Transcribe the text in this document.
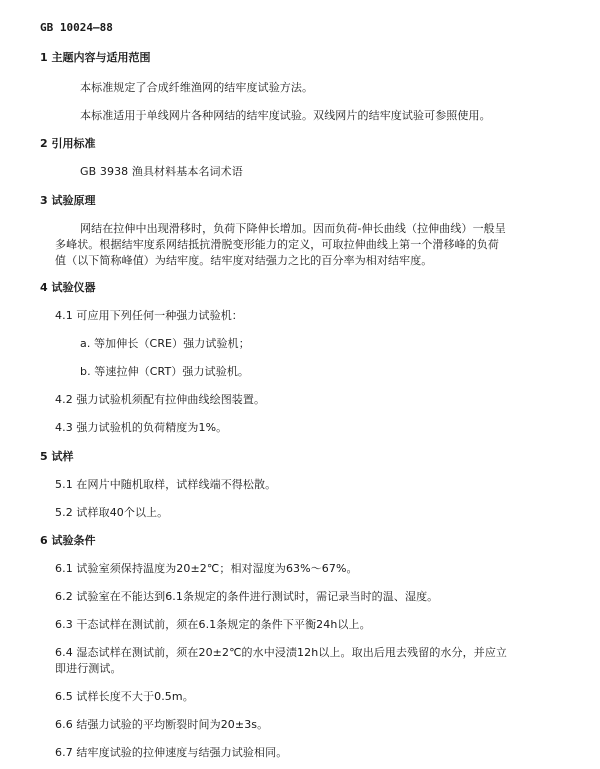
GB 10024—88
1 主题内容与适用范围
本标准规定了合成纤维渔网的结牢度试验方法。
本标准适用于单线网片各种网结的结牢度试验。双线网片的结牢度试验可参照使用。
2 引用标准
GB 3938 渔具材料基本名词术语
3 试验原理
网结在拉伸中出现滑移时，负荷下降伸长增加。因而负荷-伸长曲线（拉伸曲线）一般呈
多峰状。根据结牢度系网结抵抗滑脱变形能力的定义，可取拉伸曲线上第一个滑移峰的负荷
值（以下简称峰值）为结牢度。结牢度对结强力之比的百分率为相对结牢度。
4 试验仪器
4.1 可应用下列任何一种强力试验机：
a. 等加伸长（CRE）强力试验机；
b. 等速拉伸（CRT）强力试验机。
4.2 强力试验机须配有拉伸曲线绘图装置。
4.3 强力试验机的负荷精度为1%。
5 试样
5.1 在网片中随机取样，试样线端不得松散。
5.2 试样取40个以上。
6 试验条件
6.1 试验室须保持温度为20±2℃；相对湿度为63%～67%。
6.2 试验室在不能达到6.1条规定的条件进行测试时，需记录当时的温、湿度。
6.3 干态试样在测试前，须在6.1条规定的条件下平衡24h以上。
6.4 湿态试样在测试前，须在20±2℃的水中浸渍12h以上。取出后甩去残留的水分，并应立
即进行测试。
6.5 试样长度不大于0.5m。
6.6 结强力试验的平均断裂时间为20±3s。
6.7 结牢度试验的拉伸速度与结强力试验相同。
